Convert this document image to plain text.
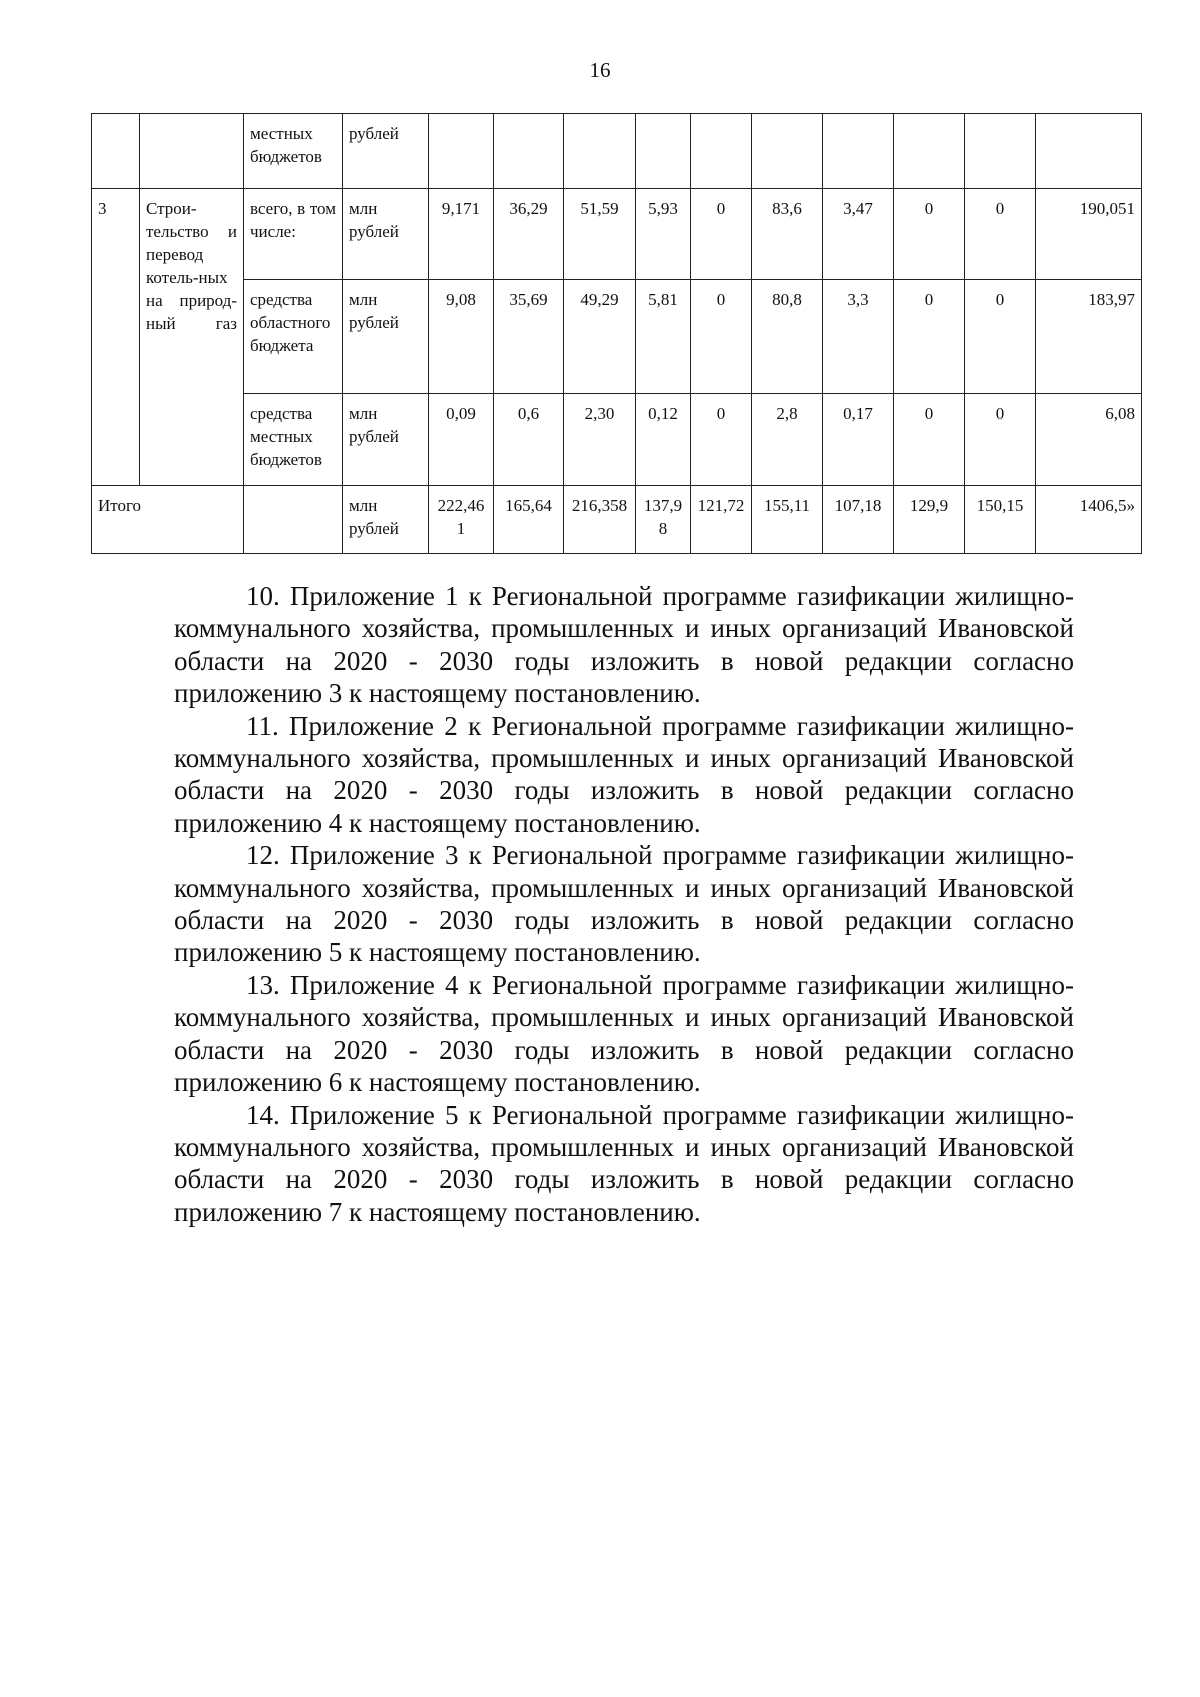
16
		местных бюджетов	рублей										
3	Строи-тельство и перевод котель-ных на природ-ный газ	всего, в том числе:	млн рублей	9,171	36,29	51,59	5,93	0	83,6	3,47	0	0	190,051
		средства областного бюджета	млн рублей	9,08	35,69	49,29	5,81	0	80,8	3,3	0	0	183,97
		средства местных бюджетов	млн рублей	0,09	0,6	2,30	0,12	0	2,8	0,17	0	0	6,08
Итого			млн рублей	222,461	165,64	216,358	137,98	121,72	155,11	107,18	129,9	150,15	1406,5»

10. Приложение 1 к Региональной программе газификации жилищно-коммунального хозяйства, промышленных и иных организаций Ивановской области на 2020 - 2030 годы изложить в новой редакции согласно приложению 3 к настоящему постановлению.

11. Приложение 2 к Региональной программе газификации жилищно-коммунального хозяйства, промышленных и иных организаций Ивановской области на 2020 - 2030 годы изложить в новой редакции согласно приложению 4 к настоящему постановлению.

12. Приложение 3 к Региональной программе газификации жилищно-коммунального хозяйства, промышленных и иных организаций Ивановской области на 2020 - 2030 годы изложить в новой редакции согласно приложению 5 к настоящему постановлению.

13. Приложение 4 к Региональной программе газификации жилищно-коммунального хозяйства, промышленных и иных организаций Ивановской области на 2020 - 2030 годы изложить в новой редакции согласно приложению 6 к настоящему постановлению.

14. Приложение 5 к Региональной программе газификации жилищно-коммунального хозяйства, промышленных и иных организаций Ивановской области на 2020 - 2030 годы изложить в новой редакции согласно приложению 7 к настоящему постановлению.
